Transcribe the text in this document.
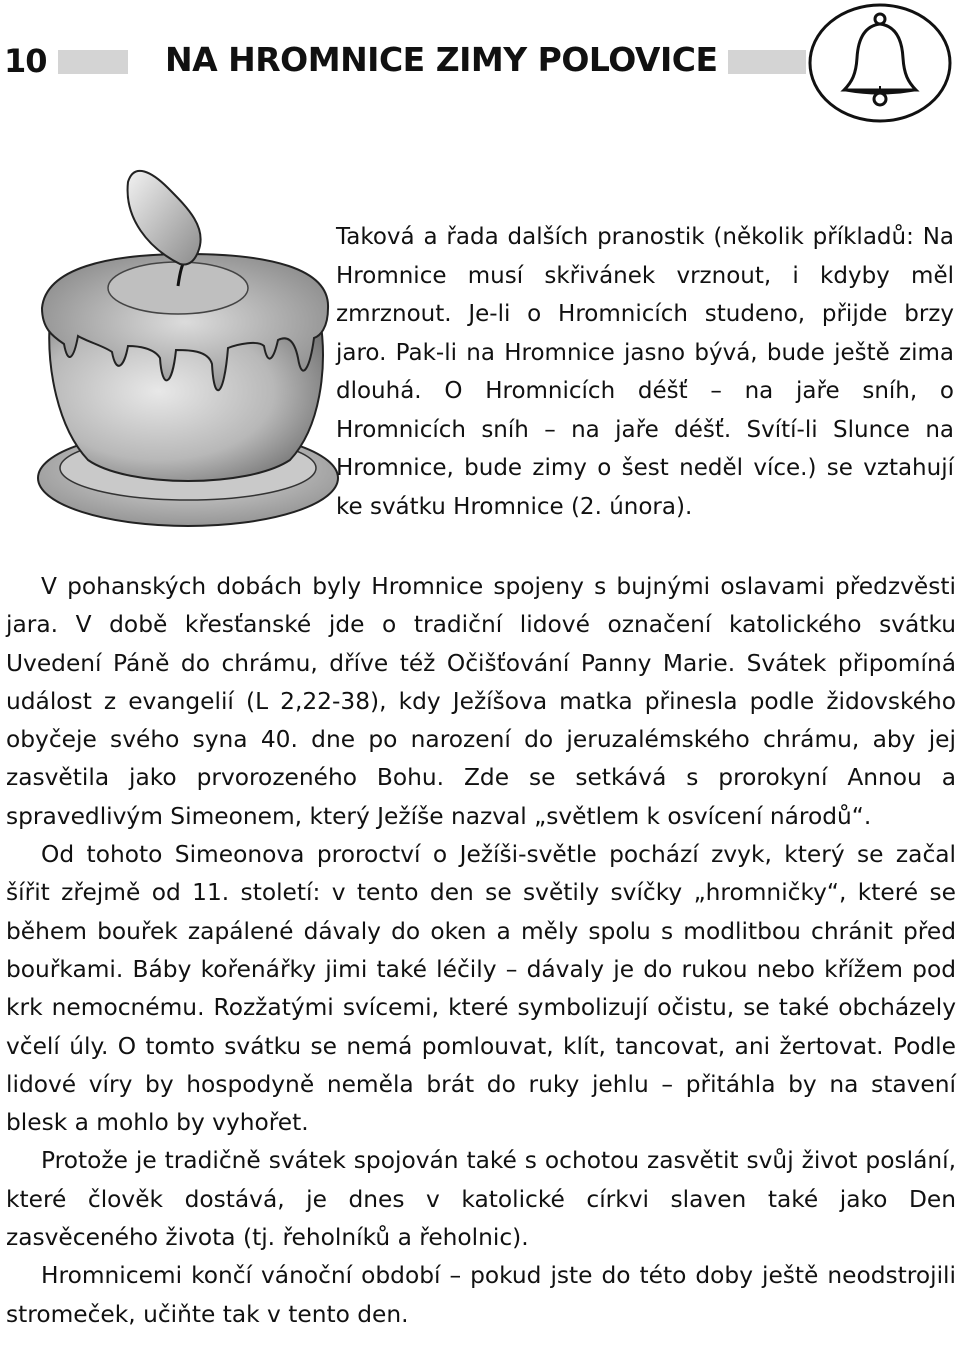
10	NA HROMNICE ZIMY POLOVICE

Taková a řada dalších pranostik (několik příkladů: Na Hromnice musí skřivánek vrznout, i kdyby měl zmrznout. Je-li o Hromnicích studeno, přijde brzy jaro. Pak-li na Hromnice jasno bývá, bude ještě zima dlouhá. O Hromnicích déšť – na jaře sníh, o Hromnicích sníh – na jaře déšť. Svítí-li Slunce na Hromnice, bude zimy o šest neděl více.) se vztahují ke svátku Hromnice (2. února).

V pohanských dobách byly Hromnice spojeny s bujnými oslavami předzvěsti jara. V době křesťanské jde o tradiční lidové označení katolického svátku Uvedení Páně do chrámu, dříve též Očišťování Panny Marie. Svátek připomíná událost z evangelií (L 2,22-38), kdy Ježíšova matka přinesla podle židovského obyčeje svého syna 40. dne po narození do jeruzalémského chrámu, aby jej zasvětila jako prvorozeného Bohu. Zde se setkává s prorokyní Annou a spravedlivým Simeonem, který Ježíše nazval „světlem k osvícení národů“.

Od tohoto Simeonova proroctví o Ježíši-světle pochází zvyk, který se začal šířit zřejmě od 11. století: v tento den se světily svíčky „hromničky“, které se během bouřek zapálené dávaly do oken a měly spolu s modlitbou chránit před bouřkami. Báby kořenářky jimi také léčily – dávaly je do rukou nebo křížem pod krk nemocnému. Rozžatými svícemi, které symbolizují očistu, se také obcházely včelí úly. O tomto svátku se nemá pomlouvat, klít, tancovat, ani žertovat. Podle lidové víry by hospodyně neměla brát do ruky jehlu – přitáhla by na stavení blesk a mohlo by vyhořet.

Protože je tradičně svátek spojován také s ochotou zasvětit svůj život poslání, které člověk dostává, je dnes v katolické církvi slaven také jako Den zasvěceného života (tj. řeholníků a řeholnic).

Hromnicemi končí vánoční období – pokud jste do této doby ještě neodstrojili stromeček, učiňte tak v tento den.
